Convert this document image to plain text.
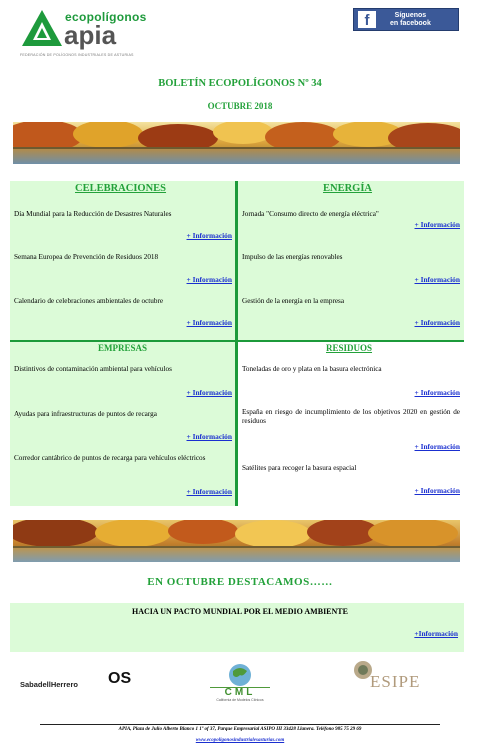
ecopolígonos
apia
FEDERACIÓN DE POLÍGONOS INDUSTRIALES DE ASTURIAS
f	Síguenos
en facebook
BOLETÍN ECOPOLÍGONOS Nº 34
OCTUBRE 2018
CELEBRACIONES
Día Mundial para la Reducción de Desastres Naturales
+ Información
Semana Europea de Prevención de Residuos 2018
+ Información
Calendario de celebraciones ambientales de octubre
+ Información
ENERGÍA
Jornada "Consumo directo de energía eléctrica"
+ Información
Impulso de las energías renovables
+ Información
Gestión de la energía en la empresa
+ Información
EMPRESAS
Distintivos de contaminación ambiental para vehículos
+ Información
Ayudas para infraestructuras de puntos de recarga
+ Información
Corredor cantábrico de puntos de recarga para vehículos eléctricos
+ Información
RESIDUOS
Toneladas de oro y plata en la basura electrónica
+ Información
España en riesgo de incumplimiento de los objetivos 2020 en gestión de residuos
+ Información
Satélites para recoger la basura espacial
+ Información
EN OCTUBRE DESTACAMOS……
HACIA UN PACTO MUNDIAL POR EL MEDIO AMBIENTE
+Información
SabadellHerrero OS
CML
California de Modelos Clínicos
ESIPE
APIA, Plaza de Julio Alberto Blanco 1 1º of 37, Parque Empresarial ASIPO III 33428 Llanera. Teléfono 985 75 29 69
www.ecopoligonosindustrialesasturias.com
